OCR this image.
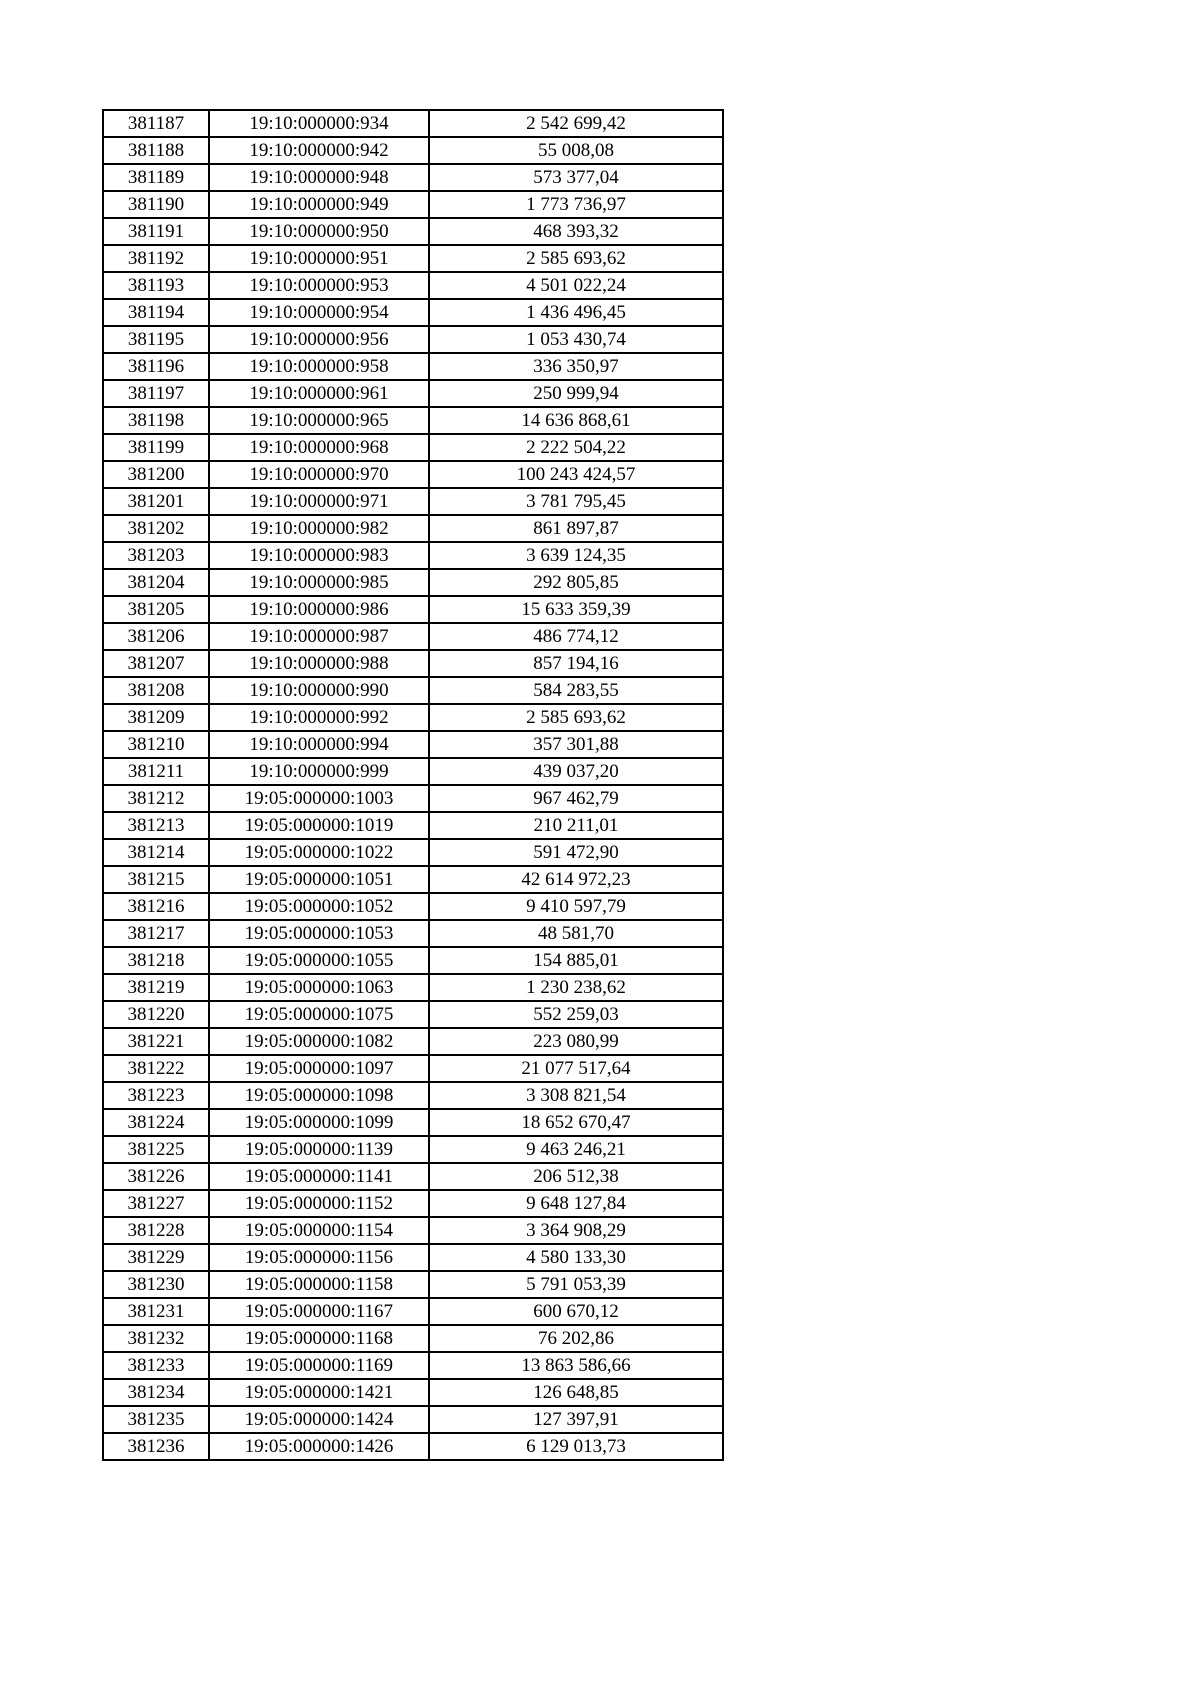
381187	19:10:000000:934	2 542 699,42
381188	19:10:000000:942	55 008,08
381189	19:10:000000:948	573 377,04
381190	19:10:000000:949	1 773 736,97
381191	19:10:000000:950	468 393,32
381192	19:10:000000:951	2 585 693,62
381193	19:10:000000:953	4 501 022,24
381194	19:10:000000:954	1 436 496,45
381195	19:10:000000:956	1 053 430,74
381196	19:10:000000:958	336 350,97
381197	19:10:000000:961	250 999,94
381198	19:10:000000:965	14 636 868,61
381199	19:10:000000:968	2 222 504,22
381200	19:10:000000:970	100 243 424,57
381201	19:10:000000:971	3 781 795,45
381202	19:10:000000:982	861 897,87
381203	19:10:000000:983	3 639 124,35
381204	19:10:000000:985	292 805,85
381205	19:10:000000:986	15 633 359,39
381206	19:10:000000:987	486 774,12
381207	19:10:000000:988	857 194,16
381208	19:10:000000:990	584 283,55
381209	19:10:000000:992	2 585 693,62
381210	19:10:000000:994	357 301,88
381211	19:10:000000:999	439 037,20
381212	19:05:000000:1003	967 462,79
381213	19:05:000000:1019	210 211,01
381214	19:05:000000:1022	591 472,90
381215	19:05:000000:1051	42 614 972,23
381216	19:05:000000:1052	9 410 597,79
381217	19:05:000000:1053	48 581,70
381218	19:05:000000:1055	154 885,01
381219	19:05:000000:1063	1 230 238,62
381220	19:05:000000:1075	552 259,03
381221	19:05:000000:1082	223 080,99
381222	19:05:000000:1097	21 077 517,64
381223	19:05:000000:1098	3 308 821,54
381224	19:05:000000:1099	18 652 670,47
381225	19:05:000000:1139	9 463 246,21
381226	19:05:000000:1141	206 512,38
381227	19:05:000000:1152	9 648 127,84
381228	19:05:000000:1154	3 364 908,29
381229	19:05:000000:1156	4 580 133,30
381230	19:05:000000:1158	5 791 053,39
381231	19:05:000000:1167	600 670,12
381232	19:05:000000:1168	76 202,86
381233	19:05:000000:1169	13 863 586,66
381234	19:05:000000:1421	126 648,85
381235	19:05:000000:1424	127 397,91
381236	19:05:000000:1426	6 129 013,73
